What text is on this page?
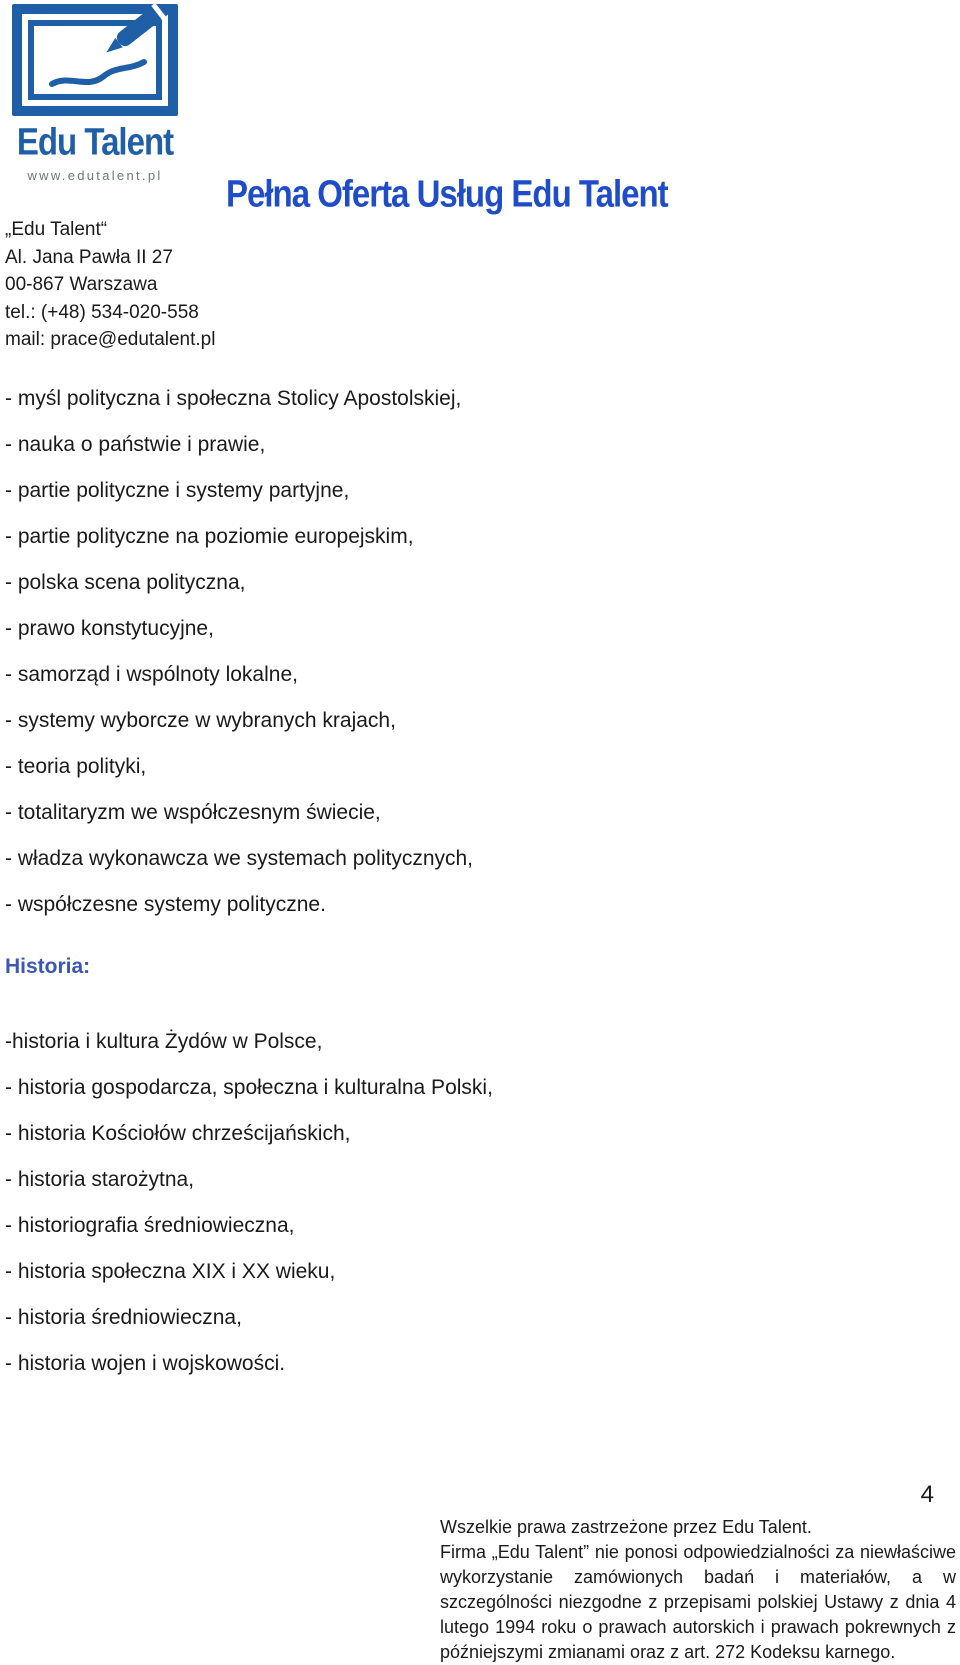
Edu Talent
www.edutalent.pl	Pełna Oferta Usług Edu Talent
„Edu Talent“
Al. Jana Pawła II 27
00-867 Warszawa
tel.: (+48) 534-020-558
mail: prace@edutalent.pl
- myśl polityczna i społeczna Stolicy Apostolskiej,
- nauka o państwie i prawie,
- partie polityczne i systemy partyjne,
- partie polityczne na poziomie europejskim,
- polska scena polityczna,
- prawo konstytucyjne,
- samorząd i wspólnoty lokalne,
- systemy wyborcze w wybranych krajach,
- teoria polityki,
- totalitaryzm we współczesnym świecie,
- władza wykonawcza we systemach politycznych,
- współczesne systemy polityczne.
Historia:
-historia i kultura Żydów w Polsce,
- historia gospodarcza, społeczna i kulturalna Polski,
- historia Kościołów chrześcijańskich,
- historia starożytna,
- historiografia średniowieczna,
- historia społeczna XIX i XX wieku,
- historia średniowieczna,
- historia wojen i wojskowości.
4
Wszelkie prawa zastrzeżone przez Edu Talent.
Firma „Edu Talent” nie ponosi odpowiedzialności za niewłaściwe wykorzystanie zamówionych badań i materiałów, a w szczególności niezgodne z przepisami polskiej Ustawy z dnia 4 lutego 1994 roku o prawach autorskich i prawach pokrewnych z późniejszymi zmianami oraz z art. 272 Kodeksu karnego.
